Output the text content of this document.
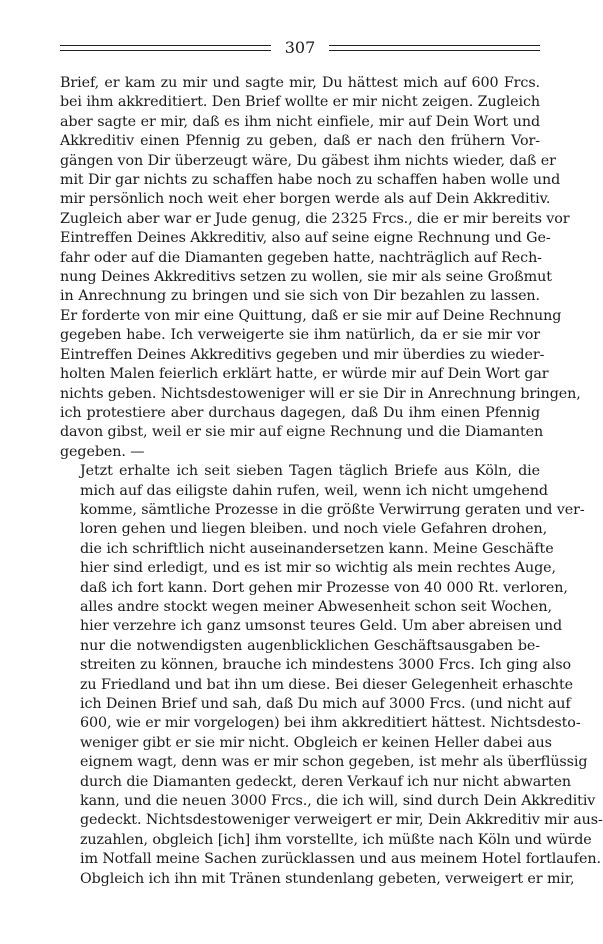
307

Brief, er kam zu mir und sagte mir, Du hättest mich auf 600 Frcs.
bei ihm akkreditiert. Den Brief wollte er mir nicht zeigen. Zugleich
aber sagte er mir, daß es ihm nicht einfiele, mir auf Dein Wort und
Akkreditiv einen Pfennig zu geben, daß er nach den frühern Vor-
gängen von Dir überzeugt wäre, Du gäbest ihm nichts wieder, daß er
mit Dir gar nichts zu schaffen habe noch zu schaffen haben wolle und
mir persönlich noch weit eher borgen werde als auf Dein Akkreditiv.
Zugleich aber war er Jude genug, die 2325 Frcs., die er mir bereits vor
Eintreffen Deines Akkreditiv, also auf seine eigne Rechnung und Ge-
fahr oder auf die Diamanten gegeben hatte, nachträglich auf Rech-
nung Deines Akkreditivs setzen zu wollen, sie mir als seine Großmut
in Anrechnung zu bringen und sie sich von Dir bezahlen zu lassen.
Er forderte von mir eine Quittung, daß er sie mir auf Deine Rechnung
gegeben habe. Ich verweigerte sie ihm natürlich, da er sie mir vor
Eintreffen Deines Akkreditivs gegeben und mir überdies zu wieder-
holten Malen feierlich erklärt hatte, er würde mir auf Dein Wort gar
nichts geben. Nichtsdestoweniger will er sie Dir in Anrechnung bringen,
ich protestiere aber durchaus dagegen, daß Du ihm einen Pfennig
davon gibst, weil er sie mir auf eigne Rechnung und die Diamanten
gegeben. —

Jetzt erhalte ich seit sieben Tagen täglich Briefe aus Köln, die
mich auf das eiligste dahin rufen, weil, wenn ich nicht umgehend
komme, sämtliche Prozesse in die größte Verwirrung geraten und ver-
loren gehen und liegen bleiben. und noch viele Gefahren drohen,
die ich schriftlich nicht auseinandersetzen kann. Meine Geschäfte
hier sind erledigt, und es ist mir so wichtig als mein rechtes Auge,
daß ich fort kann. Dort gehen mir Prozesse von 40 000 Rt. verloren,
alles andre stockt wegen meiner Abwesenheit schon seit Wochen,
hier verzehre ich ganz umsonst teures Geld. Um aber abreisen und
nur die notwendigsten augenblicklichen Geschäftsausgaben be-
streiten zu können, brauche ich mindestens 3000 Frcs. Ich ging also
zu Friedland und bat ihn um diese. Bei dieser Gelegenheit erhaschte
ich Deinen Brief und sah, daß Du mich auf 3000 Frcs. (und nicht auf
600, wie er mir vorgelogen) bei ihm akkreditiert hättest. Nichtsdesto-
weniger gibt er sie mir nicht. Obgleich er keinen Heller dabei aus
eignem wagt, denn was er mir schon gegeben, ist mehr als überflüssig
durch die Diamanten gedeckt, deren Verkauf ich nur nicht abwarten
kann, und die neuen 3000 Frcs., die ich will, sind durch Dein Akkreditiv
gedeckt. Nichtsdestoweniger verweigert er mir, Dein Akkreditiv mir aus-
zuzahlen, obgleich [ich] ihm vorstellte, ich müßte nach Köln und würde
im Notfall meine Sachen zurücklassen und aus meinem Hotel fortlaufen.
Obgleich ich ihn mit Tränen stundenlang gebeten, verweigert er mir,
